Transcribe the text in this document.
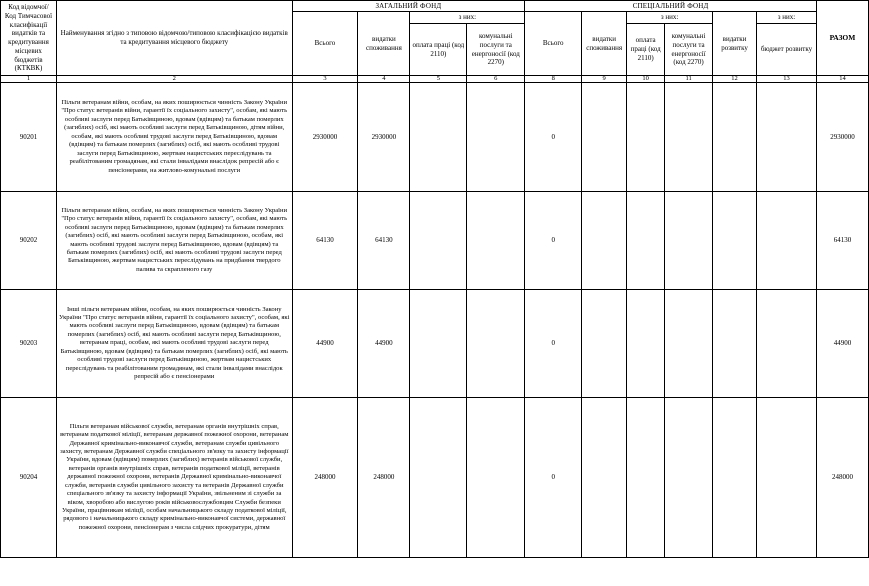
Код відомчої/Код Тимчасової класифікації видатків та кредитування місцевих бюджетів (КТКВК)	Найменування згідно з типовою відомчою/типовою класифікацією видатків та кредитування місцевого бюджету	ЗАГАЛЬНИЙ ФОНД				СПЕЦІАЛЬНИЙ ФОНД						РАЗОМ
		Всього	видатки споживання	з них:		Всього	видатки споживання	з них:		видатки розвитку	з них:	
				оплата праці (код 2110)	комунальні послуги та енергоносії (код 2270)			оплата праці (код 2110)	комунальні послуги та енергоносії (код 2270)		бюджет розвитку	
1	2	3	4	5	6	8	9	10	11	12	13	14
90201	Пільги ветеранам війни, особам, на яких поширюється чинність Закону України "Про статус ветеранів війни, гарантії їх соціального захисту", особам, які мають особливі заслуги перед Батьківщиною, вдовам (вдівцям) та батькам померлих (загиблих) осіб, які мають особливі заслуги перед Батьківщиною, дітям війни, особам, які мають особливі трудові заслуги перед Батьківщиною, вдовам (вдівцям) та батькам померлих (загиблих) осіб, які мають особливі трудові заслуги перед Батьківщиною, жертвам нацистських переслідувань та реабілітованим громадянам, які стали інвалідами внаслідок репресій або є пенсіонерами, на житлово-комунальні послуги	2930000	2930000			0						2930000
90202	Пільги ветеранам війни, особам, на яких поширюється чинність Закону України "Про статус ветеранів війни, гарантії їх соціального захисту", особам, які мають особливі заслуги перед Батьківщиною, вдовам (вдівцям) та батькам померлих (загиблих) осіб, які мають особливі заслуги перед Батьківщиною, особам, які мають особливі трудові заслуги перед Батьківщиною, вдовам (вдівцям) та батькам померлих (загиблих) осіб, які мають особливі трудові заслуги перед Батьківщиною, жертвам нацистських переслідувань на придбання твердого палива та скрапленого газу	64130	64130			0						64130
90203	Інші пільги ветеранам війни, особам, на яких поширюється чинність Закону України "Про статус ветеранів війни, гарантії їх соціального захисту", особам, які мають особливі заслуги перед Батьківщиною, вдовам (вдівцям) та батькам померлих (загиблих) осіб, які мають особливі заслуги перед Батьківщиною, ветеранам праці, особам, які мають особливі трудові заслуги перед Батьківщиною, вдовам (вдівцям) та батькам померлих (загиблих) осіб, які мають особливі трудові заслуги перед Батьківщиною, жертвам нацистських переслідувань та реабілітованим громадянам, які стали інвалідами внаслідок репресій або є пенсіонерами	44900	44900			0						44900
90204	Пільги ветеранам військової служби, ветеранам органів внутрішніх справ, ветеранам податкової міліції, ветеранам державної пожежної охорони, ветеранам Державної кримінально-виконавчої служби, ветеранам служби цивільного захисту, ветеранам Державної служби спеціального зв'язку та захисту інформації України, вдовам (вдівцям) померлих (загиблих) ветеранів військової служби, ветеранів органів внутрішніх справ, ветеранів податкової міліції, ветеранів державної пожежної охорони, ветеранів Державної кримінально-виконавчої служби, ветеранів служби цивільного захисту та ветеранів Державної служби спеціального зв'язку та захисту інформації України, звільненим зі служби за віком, хворобою або вислугою років військовослужбовцям Служби безпеки України, працівникам міліції, особам начальницького складу податкової міліції, рядового і начальницького складу кримінально-виконавчої системи, державної пожежної охорони, пенсіонерам з числа слідчих прокуратури, дітям	248000	248000			0						248000
